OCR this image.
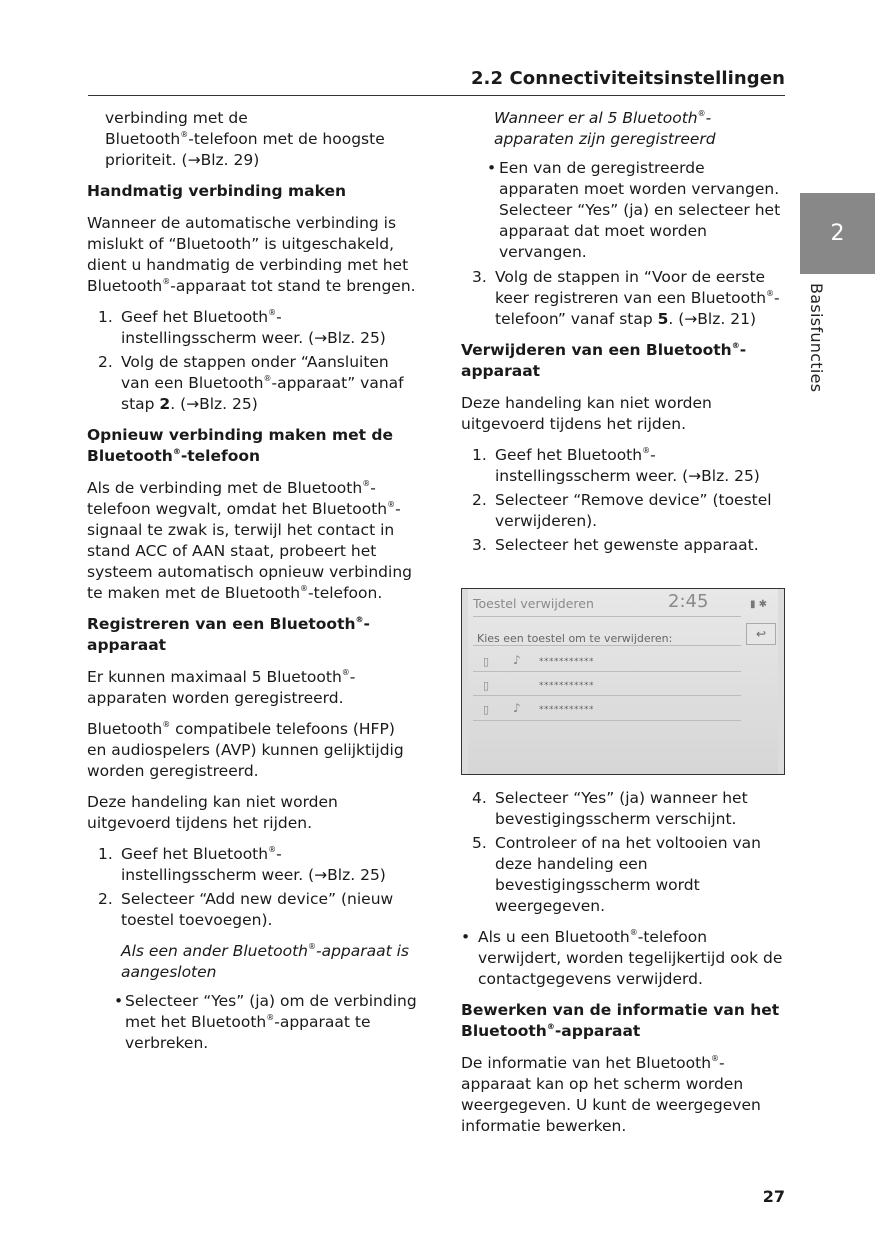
2.2 Connectiviteitsinstellingen
2
Basisfuncties

verbinding met de
Bluetooth®-telefoon met de hoogste prioriteit. (→Blz. 29)

Handmatig verbinding maken

Wanneer de automatische verbinding is mislukt of “Bluetooth” is uitgeschakeld, dient u handmatig de verbinding met het Bluetooth®-apparaat tot stand te brengen.

1. Geef het Bluetooth®-instellingsscherm weer. (→Blz. 25)
2. Volg de stappen onder “Aansluiten van een Bluetooth®-apparaat” vanaf stap 2. (→Blz. 25)
Opnieuw verbinding maken met de Bluetooth®-telefoon

Als de verbinding met de Bluetooth®-telefoon wegvalt, omdat het Bluetooth®-signaal te zwak is, terwijl het contact in stand ACC of AAN staat, probeert het systeem automatisch opnieuw verbinding te maken met de Bluetooth®-telefoon.

Registreren van een Bluetooth®-apparaat

Er kunnen maximaal 5 Bluetooth®-apparaten worden geregistreerd.

Bluetooth® compatibele telefoons (HFP) en audiospelers (AVP) kunnen gelijktijdig worden geregistreerd.

Deze handeling kan niet worden uitgevoerd tijdens het rijden.

1. Geef het Bluetooth®-instellingsscherm weer. (→Blz. 25)
2. Selecteer “Add new device” (nieuw toestel toevoegen).

Als een ander Bluetooth®-apparaat is aangesloten

• Selecteer “Yes” (ja) om de verbinding met het Bluetooth®-apparaat te verbreken.

Wanneer er al 5 Bluetooth®-apparaten zijn geregistreerd

• Een van de geregistreerde apparaten moet worden vervangen. Selecteer “Yes” (ja) en selecteer het apparaat dat moet worden vervangen.
3. Volg de stappen in “Voor de eerste keer registreren van een Bluetooth®-telefoon” vanaf stap 5. (→Blz. 21)
Verwijderen van een Bluetooth®-apparaat

Deze handeling kan niet worden uitgevoerd tijdens het rijden.

1. Geef het Bluetooth®-instellingsscherm weer. (→Blz. 25)
2. Selecteer “Remove device” (toestel verwijderen).
3. Selecteer het gewenste apparaat.
Toestel verwijderen	2:45	▮ ✱
Kies een toestel om te verwijderen:	↩
▯ ♪ ***********
▯	***********
▯ ♪ ***********
4. Selecteer “Yes” (ja) wanneer het bevestigingsscherm verschijnt.
5. Controleer of na het voltooien van deze handeling een bevestigingsscherm wordt weergegeven.
• Als u een Bluetooth®-telefoon verwijdert, worden tegelijkertijd ook de contactgegevens verwijderd.
Bewerken van de informatie van het Bluetooth®-apparaat

De informatie van het Bluetooth®-apparaat kan op het scherm worden weergegeven. U kunt de weergegeven informatie bewerken.

27
